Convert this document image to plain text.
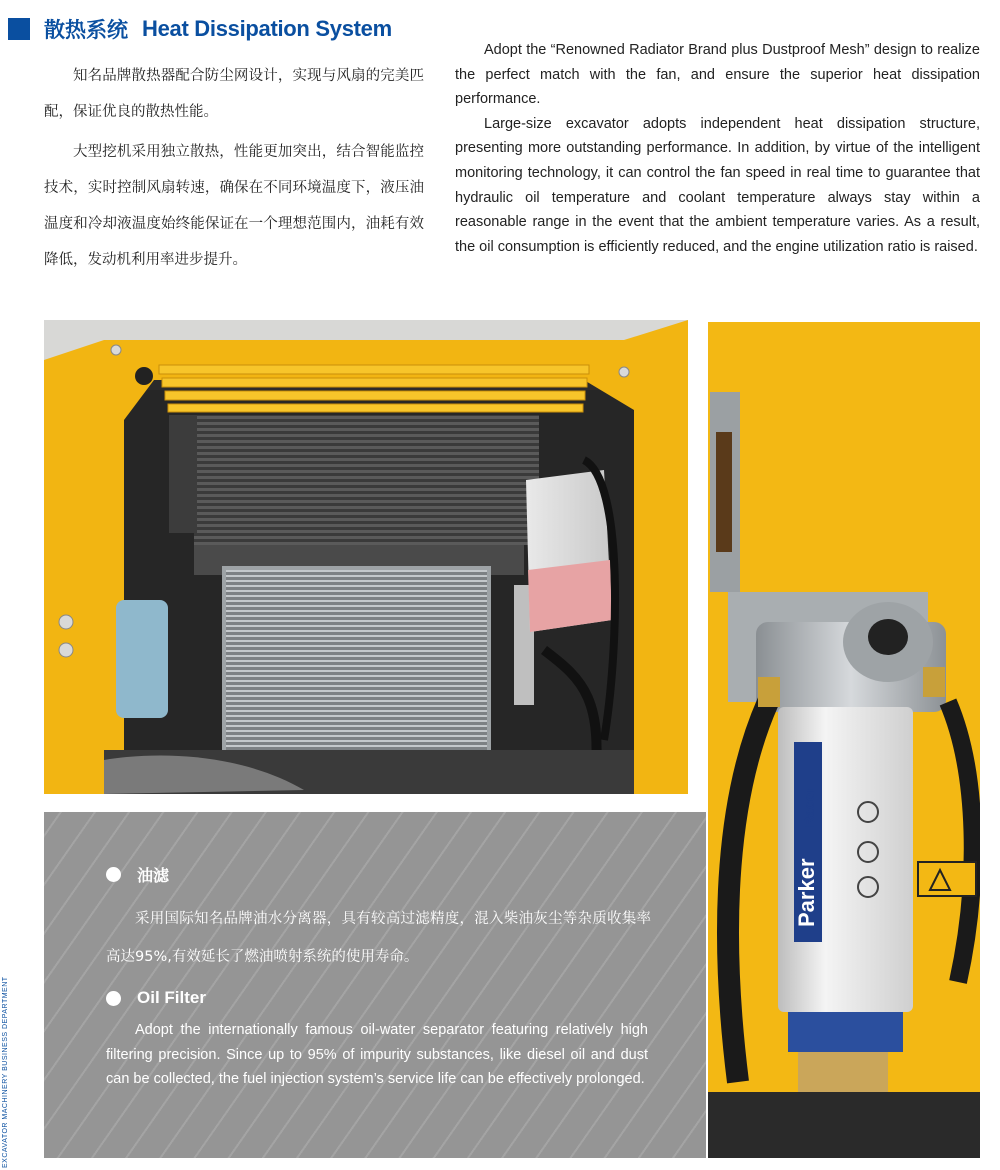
散热系统 Heat Dissipation System

知名品牌散热器配合防尘网设计，实现与风扇的完美匹配，保证优良的散热性能。

大型挖机采用独立散热，性能更加突出，结合智能监控技术，实时控制风扇转速，确保在不同环境温度下，液压油温度和冷却液温度始终能保证在一个理想范围内，油耗有效降低，发动机利用率进步提升。

Adopt the “Renowned Radiator Brand plus Dustproof Mesh” design to realize the perfect match with the fan, and ensure the superior heat dissipation performance.

Large-size excavator adopts independent heat dissipation structure, presenting more outstanding performance. In addition, by virtue of the intelligent monitoring technology, it can control the fan speed in real time to guarantee that hydraulic oil temperature and coolant temperature always stay within a reasonable range in the event that the ambient temperature varies. As a result, the oil consumption is efficiently reduced, and the engine utilization ratio is raised.

Parker
Racor
油滤

采用国际知名品牌油水分离器，具有较高过滤精度，混入柴油灰尘等杂质收集率高达95%,有效延长了燃油喷射系统的使用寿命。

Oil Filter

Adopt the internationally famous oil-water separator featuring relatively high filtering precision. Since up to 95% of impurity substances, like diesel oil and dust can be collected, the fuel injection system’s service life can be effectively prolonged.

EXCAVATOR MACHINERY BUSINESS DEPARTMENT
